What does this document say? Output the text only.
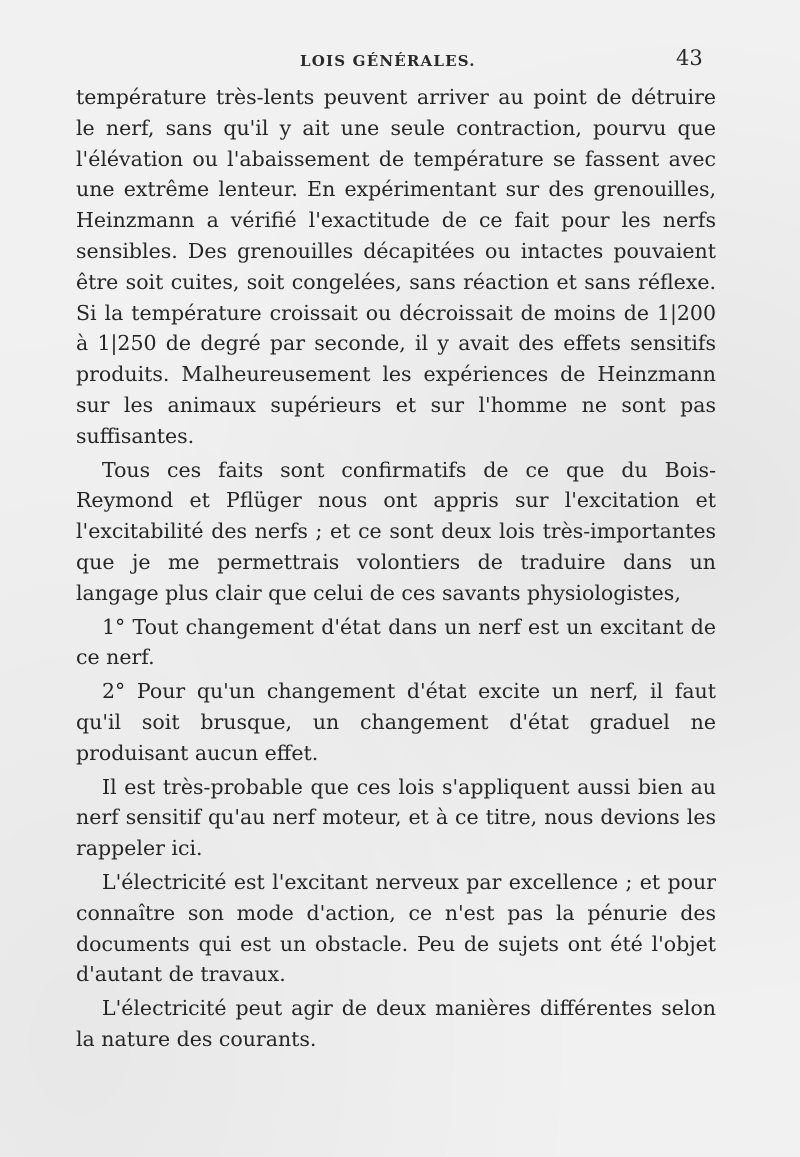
LOIS GÉNÉRALES.	43

température très-lents peuvent arriver au point de détruire le nerf, sans qu'il y ait une seule contraction, pourvu que l'élévation ou l'abaissement de température se fassent avec une extrême lenteur. En expérimentant sur des grenouilles, Heinzmann a vérifié l'exactitude de ce fait pour les nerfs sensibles. Des grenouilles décapitées ou intactes pouvaient être soit cuites, soit congelées, sans réaction et sans réflexe. Si la température croissait ou décroissait de moins de 1|200 à 1|250 de degré par seconde, il y avait des effets sensitifs produits. Malheureusement les expériences de Heinzmann sur les animaux supérieurs et sur l'homme ne sont pas suffisantes.

Tous ces faits sont confirmatifs de ce que du Bois-Reymond et Pflüger nous ont appris sur l'excitation et l'excitabilité des nerfs ; et ce sont deux lois très-importantes que je me permettrais volontiers de traduire dans un langage plus clair que celui de ces savants physiologistes,

1° Tout changement d'état dans un nerf est un excitant de ce nerf.

2° Pour qu'un changement d'état excite un nerf, il faut qu'il soit brusque, un changement d'état graduel ne produisant aucun effet.

Il est très-probable que ces lois s'appliquent aussi bien au nerf sensitif qu'au nerf moteur, et à ce titre, nous devions les rappeler ici.

L'électricité est l'excitant nerveux par excellence ; et pour connaître son mode d'action, ce n'est pas la pénurie des documents qui est un obstacle. Peu de sujets ont été l'objet d'autant de travaux.

L'électricité peut agir de deux manières différentes selon la nature des courants.
